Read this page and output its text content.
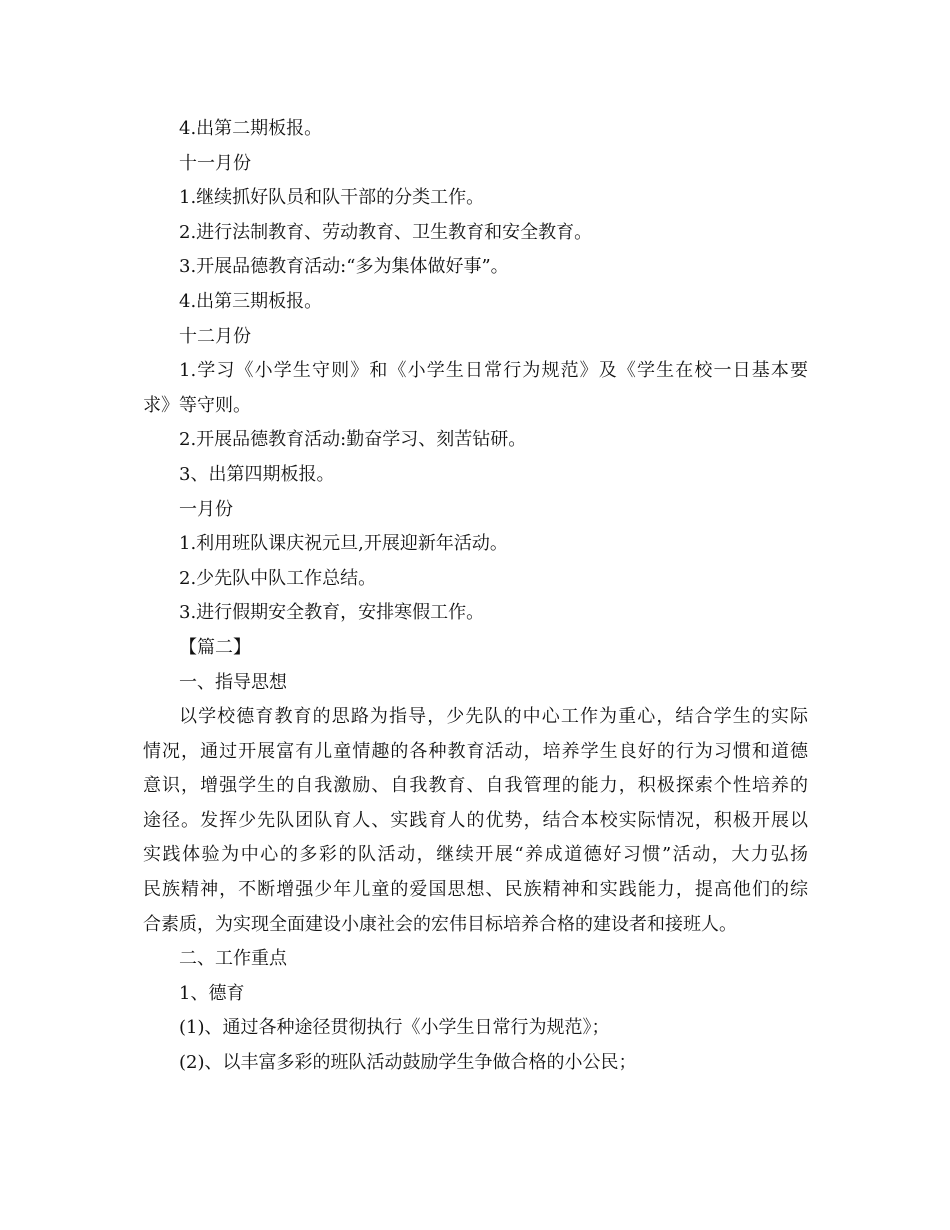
4.出第二期板报。
十一月份
1.继续抓好队员和队干部的分类工作。
2.进行法制教育、劳动教育、卫生教育和安全教育。
3.开展品德教育活动:“多为集体做好事”。
4.出第三期板报。
十二月份
1.学习《小学生守则》和《小学生日常行为规范》及《学生在校一日基本要
求》等守则。
2.开展品德教育活动:勤奋学习、刻苦钻研。
3、出第四期板报。
一月份
1.利用班队课庆祝元旦,开展迎新年活动。
2.少先队中队工作总结。
3.进行假期安全教育，安排寒假工作。
【篇二】
一、指导思想
以学校德育教育的思路为指导，少先队的中心工作为重心，结合学生的实际
情况，通过开展富有儿童情趣的各种教育活动，培养学生良好的行为习惯和道德
意识，增强学生的自我激励、自我教育、自我管理的能力，积极探索个性培养的
途径。发挥少先队团队育人、实践育人的优势，结合本校实际情况，积极开展以
实践体验为中心的多彩的队活动，继续开展“养成道德好习惯”活动，大力弘扬
民族精神，不断增强少年儿童的爱国思想、民族精神和实践能力，提高他们的综
合素质，为实现全面建设小康社会的宏伟目标培养合格的建设者和接班人。
二、工作重点
1、德育
(1)、通过各种途径贯彻执行《小学生日常行为规范》；
(2)、以丰富多彩的班队活动鼓励学生争做合格的小公民；
